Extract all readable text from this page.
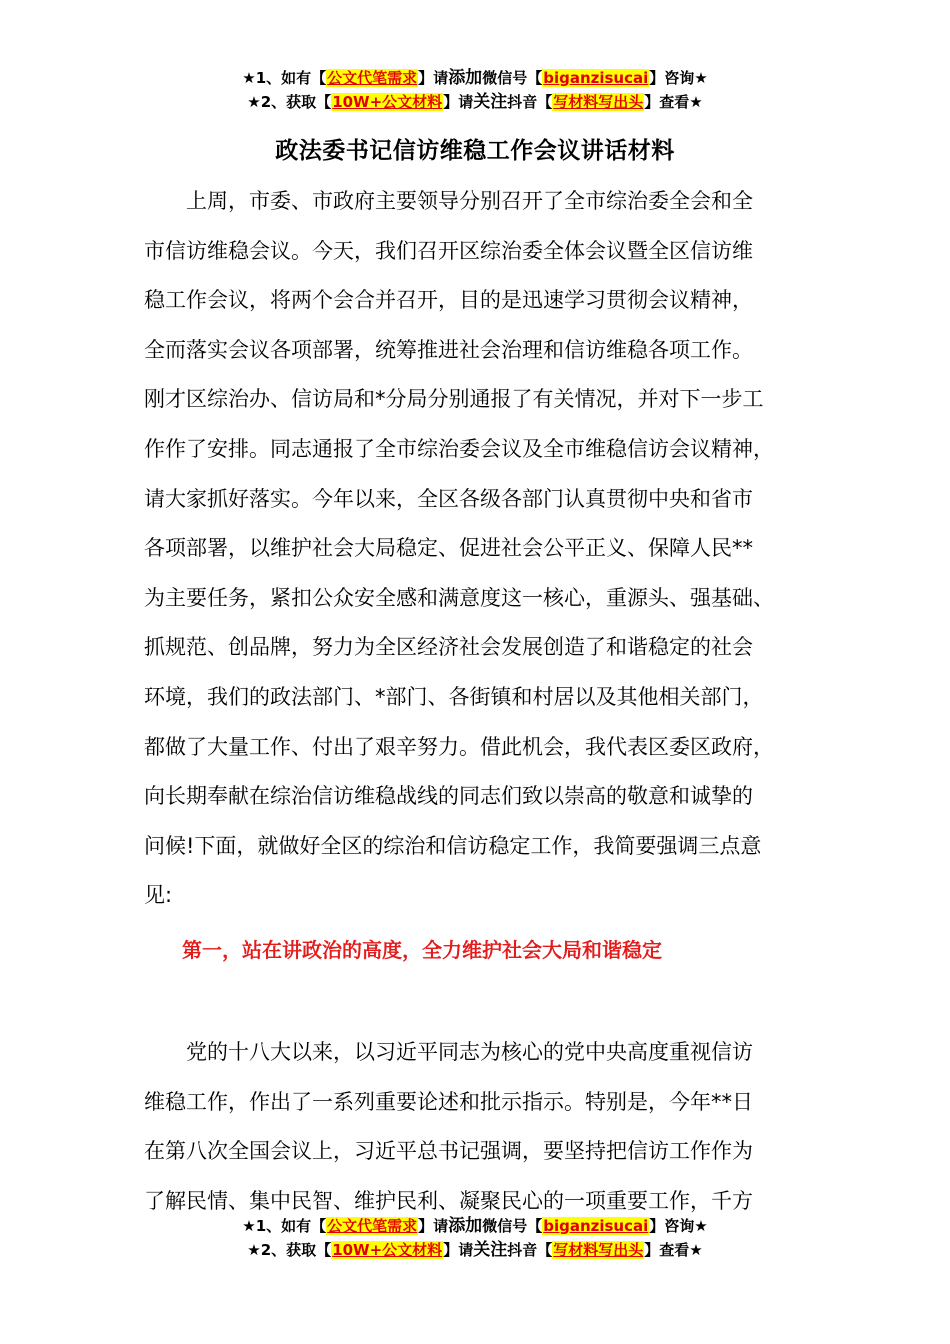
★1、如有【公文代笔需求】请添加微信号【biganzisucai】咨询★
★2、获取【10W+公文材料】请关注抖音【写材料写出头】查看★
政法委书记信访维稳工作会议讲话材料
上周，市委、市政府主要领导分别召开了全市综治委全会和全
市信访维稳会议。今天，我们召开区综治委全体会议暨全区信访维
稳工作会议，将两个会合并召开，目的是迅速学习贯彻会议精神，
全而落实会议各项部署，统筹推进社会治理和信访维稳各项工作。
刚才区综治办、信访局和*分局分别通报了有关情况，并对下一步工
作作了安排。同志通报了全市综治委会议及全市维稳信访会议精神，
请大家抓好落实。今年以来，全区各级各部门认真贯彻中央和省市
各项部署，以维护社会大局稳定、促进社会公平正义、保障人民**
为主要任务，紧扣公众安全感和满意度这一核心，重源头、强基础、
抓规范、创品牌，努力为全区经济社会发展创造了和谐稳定的社会
环境，我们的政法部门、*部门、各街镇和村居以及其他相关部门，
都做了大量工作、付出了艰辛努力。借此机会，我代表区委区政府，
向长期奉献在综治信访维稳战线的同志们致以崇高的敬意和诚挚的
问候!下面，就做好全区的综治和信访稳定工作，我简要强调三点意
见:
第一，站在讲政治的高度，全力维护社会大局和谐稳定
党的十八大以来，以习近平同志为核心的党中央高度重视信访
维稳工作，作出了一系列重要论述和批示指示。特别是，今年**日
在第八次全国会议上，习近平总书记强调，要坚持把信访工作作为
了解民情、集中民智、维护民利、凝聚民心的一项重要工作，千方
★1、如有【公文代笔需求】请添加微信号【biganzisucai】咨询★
★2、获取【10W+公文材料】请关注抖音【写材料写出头】查看★
